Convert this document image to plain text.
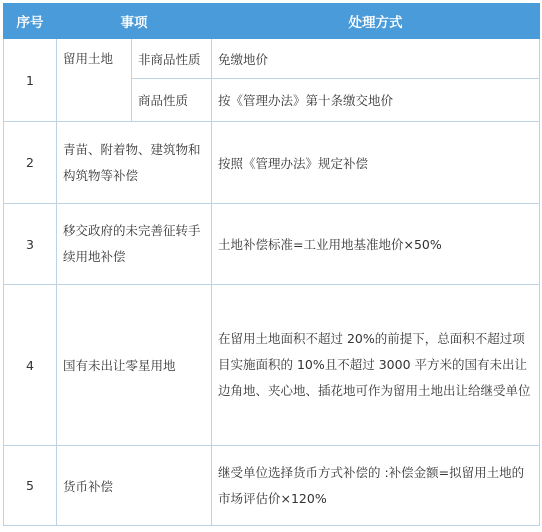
序号	事项		处理方式
1	留用土地	非商品性质	免缴地价
		商品性质	按《管理办法》第十条缴交地价
2	青苗、附着物、建筑物和构筑物等补偿		按照《管理办法》规定补偿
3	移交政府的未完善征转手续用地补偿		土地补偿标准=工业用地基准地价×50%
4	国有未出让零星用地		在留用土地面积不超过 20%的前提下，总面积不超过项目实施面积的 10%且不超过 3000 平方米的国有未出让边角地、夹心地、插花地可作为留用土地出让给继受单位
5	货币补偿		继受单位选择货币方式补偿的 :补偿金额=拟留用土地的市场评估价×120%
